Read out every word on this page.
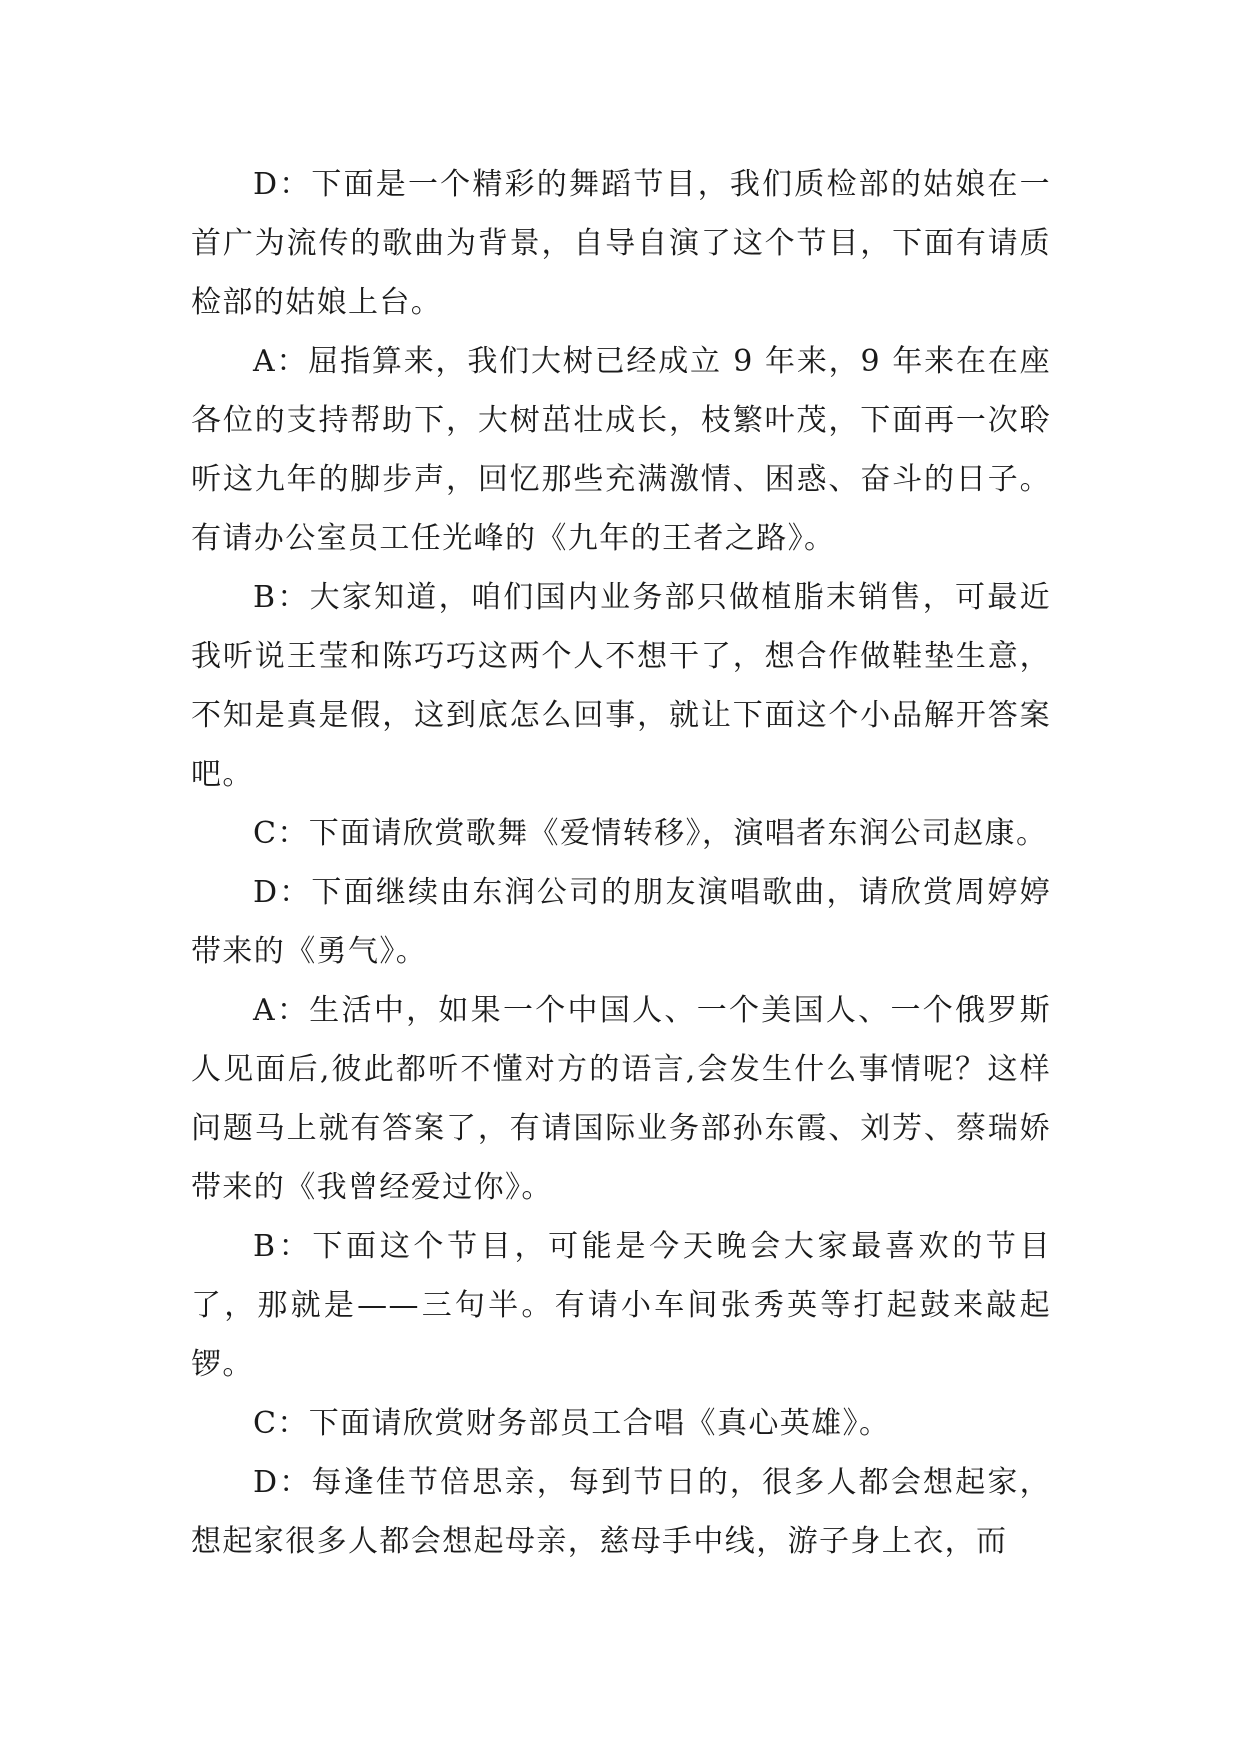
D：下面是一个精彩的舞蹈节目，我们质检部的姑娘在一首广为流传的歌曲为背景，自导自演了这个节目，下面有请质检部的姑娘上台。

A：屈指算来，我们大树已经成立 9 年来，9 年来在在座各位的支持帮助下，大树茁壮成长，枝繁叶茂，下面再一次聆听这九年的脚步声，回忆那些充满激情、困惑、奋斗的日子。有请办公室员工任光峰的《九年的王者之路》。

B：大家知道，咱们国内业务部只做植脂末销售，可最近我听说王莹和陈巧巧这两个人不想干了，想合作做鞋垫生意，不知是真是假，这到底怎么回事，就让下面这个小品解开答案吧。

C：下面请欣赏歌舞《爱情转移》，演唱者东润公司赵康。

D：下面继续由东润公司的朋友演唱歌曲，请欣赏周婷婷带来的《勇气》。

A：生活中，如果一个中国人、一个美国人、一个俄罗斯人见面后,彼此都听不懂对方的语言,会发生什么事情呢？这样问题马上就有答案了，有请国际业务部孙东霞、刘芳、蔡瑞娇带来的《我曾经爱过你》。

B：下面这个节目，可能是今天晚会大家最喜欢的节目了，那就是——三句半。有请小车间张秀英等打起鼓来敲起锣。

C：下面请欣赏财务部员工合唱《真心英雄》。

D：每逢佳节倍思亲，每到节日的，很多人都会想起家，想起家很多人都会想起母亲，慈母手中线，游子身上衣，而
